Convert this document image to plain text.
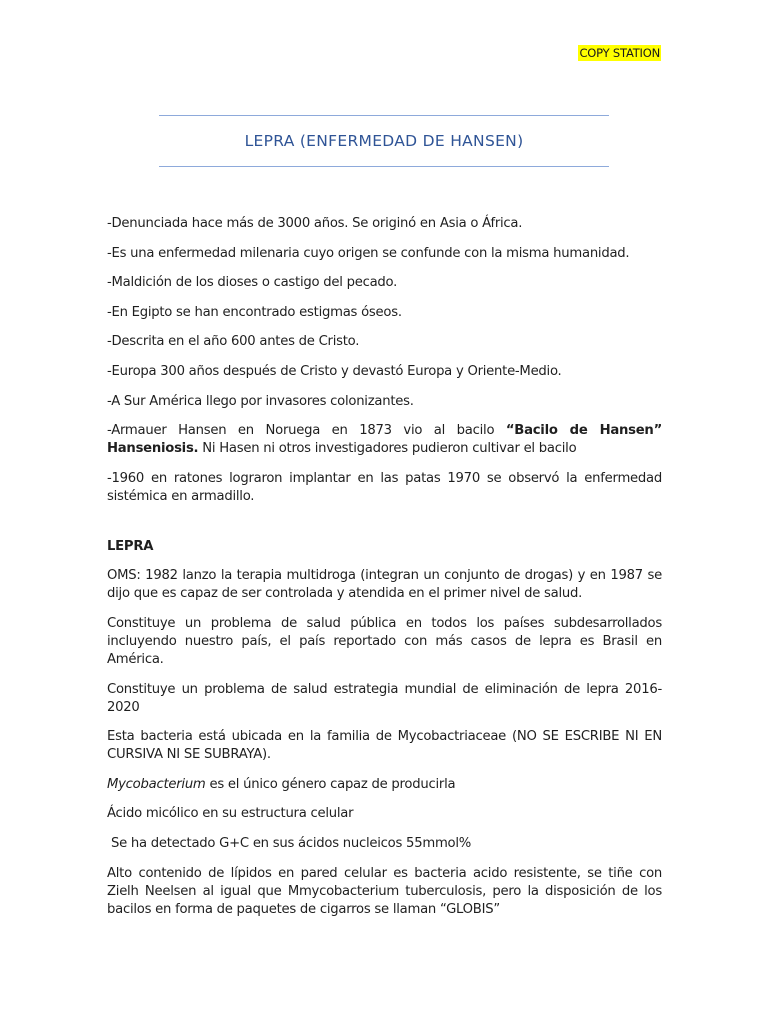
COPY STATION
LEPRA (ENFERMEDAD DE HANSEN)

-Denunciada hace más de 3000 años. Se originó en Asia o África.

-Es una enfermedad milenaria cuyo origen se confunde con la misma humanidad.

-Maldición de los dioses o castigo del pecado.

-En Egipto se han encontrado estigmas óseos.

-Descrita en el año 600 antes de Cristo.

-Europa 300 años después de Cristo y devastó Europa y Oriente-Medio.

-A Sur América llego por invasores colonizantes.

-Armauer Hansen en Noruega en 1873 vio al bacilo “Bacilo de Hansen” Hanseniosis. Ni Hasen ni otros investigadores pudieron cultivar el bacilo

-1960 en ratones lograron implantar en las patas 1970 se observó la enfermedad sistémica en armadillo.

LEPRA

OMS: 1982 lanzo la terapia multidroga (integran un conjunto de drogas) y en 1987 se dijo que es capaz de ser controlada y atendida en el primer nivel de salud.

Constituye un problema de salud pública en todos los países subdesarrollados incluyendo nuestro país, el país reportado con más casos de lepra es Brasil en América.

Constituye un problema de salud estrategia mundial de eliminación de lepra 2016-2020

Esta bacteria está ubicada en la familia de Mycobactriaceae (NO SE ESCRIBE NI EN CURSIVA NI SE SUBRAYA).

Mycobacterium es el único género capaz de producirla

Ácido micólico en su estructura celular

Se ha detectado G+C en sus ácidos nucleicos 55mmol%

Alto contenido de lípidos en pared celular es bacteria acido resistente, se tiñe con Zielh Neelsen al igual que Mmycobacterium tuberculosis, pero la disposición de los bacilos en forma de paquetes de cigarros se llaman “GLOBIS”
